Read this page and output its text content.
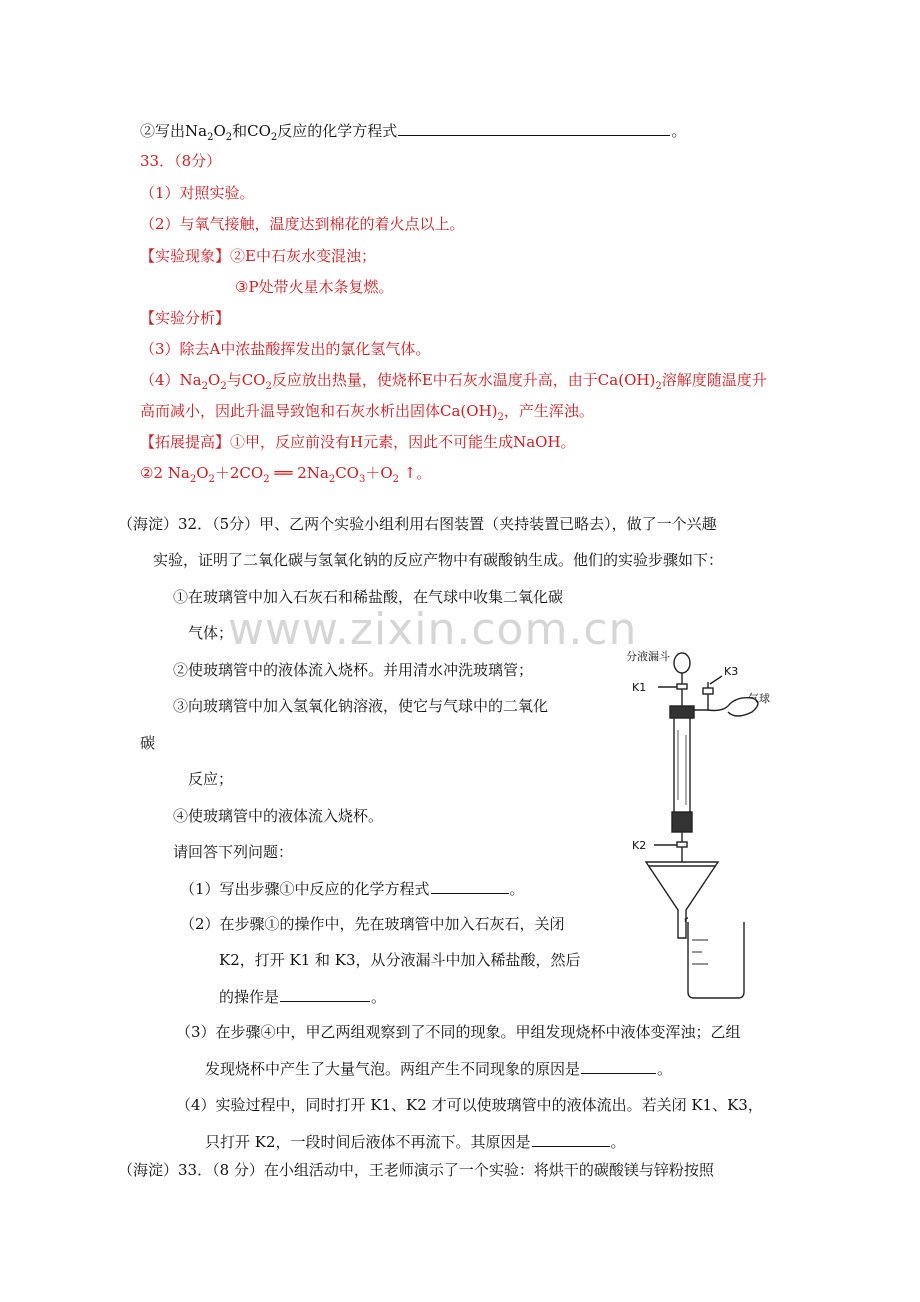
www.zixin.com.cn
②写出$Na_2O_2$和$CO_2$反应的化学方程式	。
33．（8分）
（1）对照实验。
（2）与氧气接触，温度达到棉花的着火点以上。
【实验现象】②E中石灰水变混浊；
③P处带火星木条复燃。
【实验分析】
（3）除去A中浓盐酸挥发出的氯化氢气体。
$(4)Na_2O_2$与$CO_2$反应放出热量，使烧杯E中石灰水温度升高，由于$Ca(OH)_2$溶解度随温度升
高而减小，因此升温导致饱和石灰水析出固体$Ca(OH)_2$，产生浑浊。
【拓展提高】①甲，反应前没有H元素，因此不可能生成NaOH。
②2 $Na_2O_2+2CO_2$ ══ $2Na_2CO_3+O_2$ ↑。
（海淀）32．（5分）甲、乙两个实验小组利用右图装置（夹持装置已略去），做了一个兴趣
实验，证明了二氧化碳与氢氧化钠的反应产物中有碳酸钠生成。他们的实验步骤如下：
①在玻璃管中加入石灰石和稀盐酸，在气球中收集二氧化碳
气体；
②使玻璃管中的液体流入烧杯。并用清水冲洗玻璃管；
③向玻璃管中加入氢氧化钠溶液，使它与气球中的二氧化
碳
反应；
④使玻璃管中的液体流入烧杯。
请回答下列问题：
（1）写出步骤①中反应的化学方程式	。
（2）在步骤①的操作中，先在玻璃管中加入石灰石，关闭
K2，打开 K1 和 K3，从分液漏斗中加入稀盐酸，然后
的操作是	。
（3）在步骤④中，甲乙两组观察到了不同的现象。甲组发现烧杯中液体变浑浊；乙组
发现烧杯中产生了大量气泡。两组产生不同现象的原因是	。
（4）实验过程中，同时打开 K1、K2 才可以使玻璃管中的液体流出。若关闭 K1、K3，
只打开 K2，一段时间后液体不再流下。其原因是	。
（海淀）33．（8 分）在小组活动中，王老师演示了一个实验：将烘干的碳酸镁与锌粉按照
分液漏斗
K1
K3
气球
K2
